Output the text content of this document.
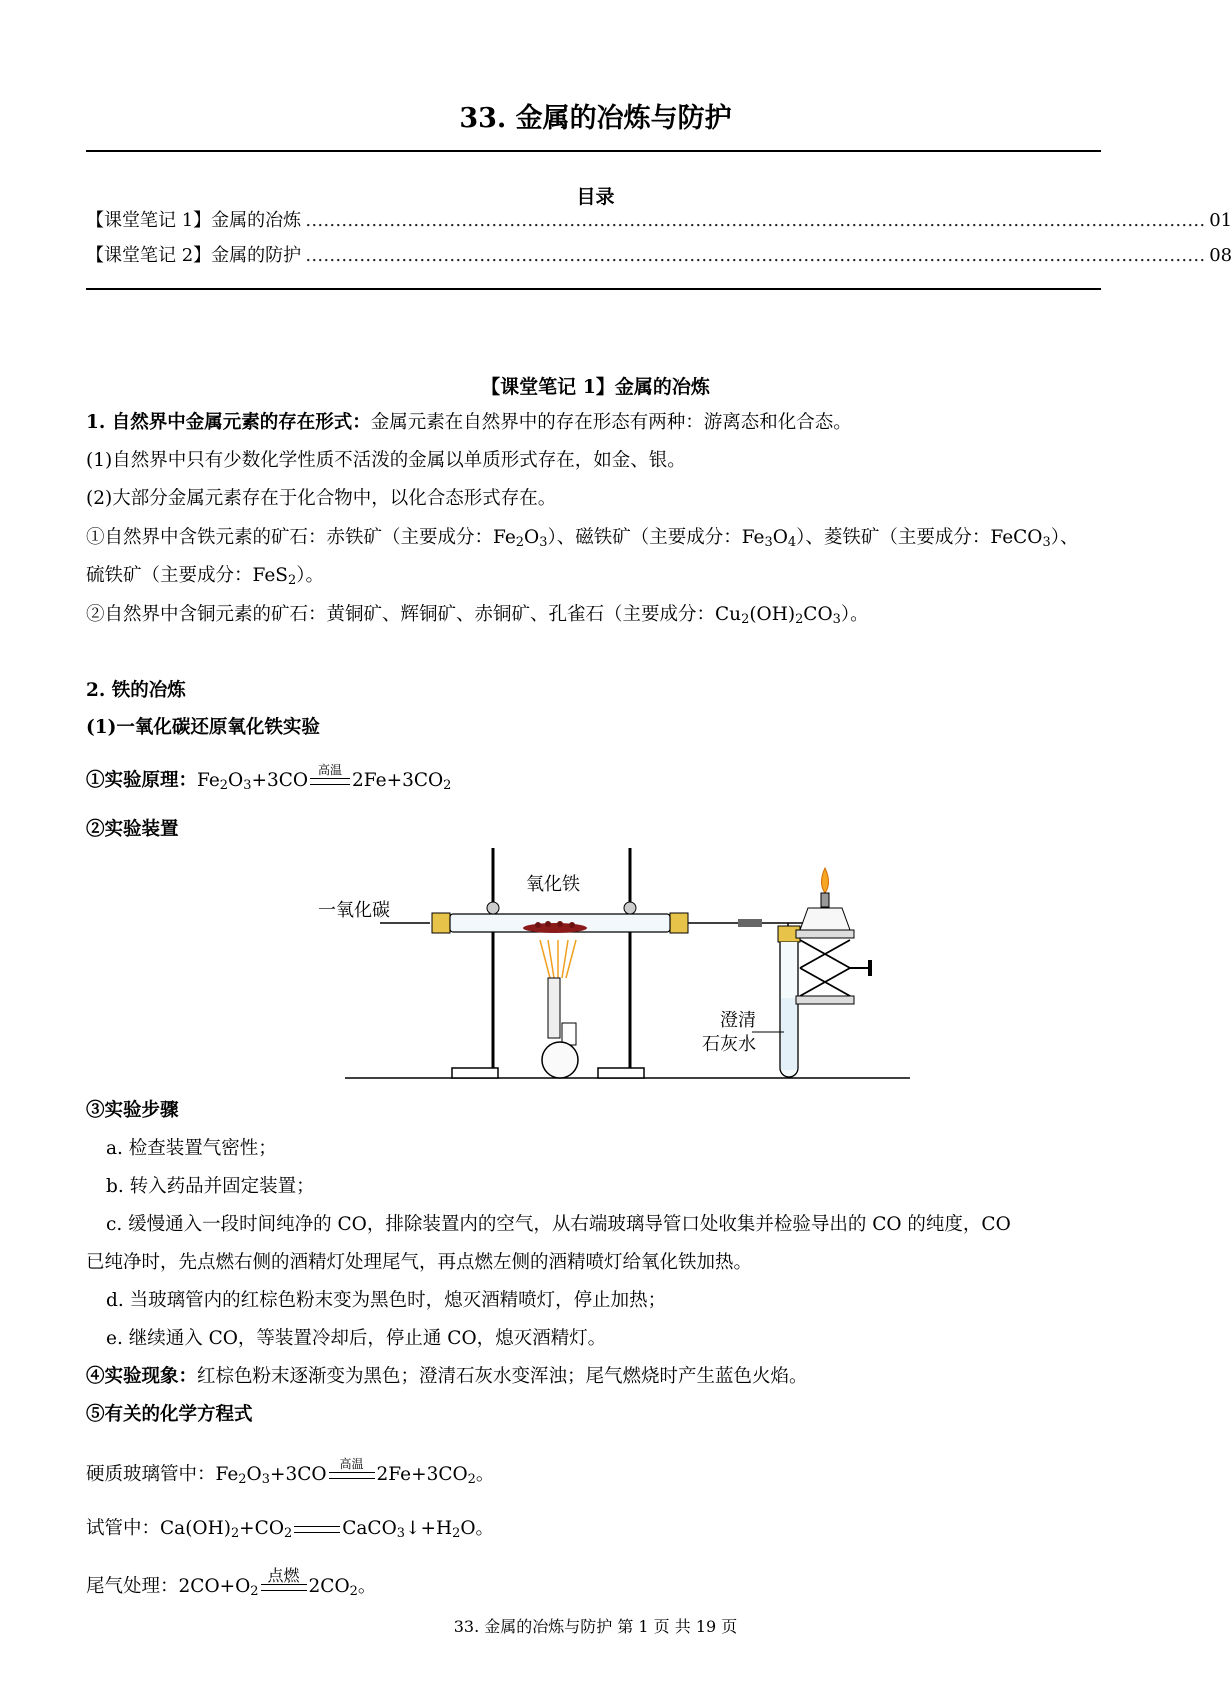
33. 金属的冶炼与防护
目录
【课堂笔记 1】金属的冶炼 …………………………………………………………………………………………………………………………………… 01
【课堂笔记 2】金属的防护 …………………………………………………………………………………………………………………………………… 08
【课堂笔记 1】金属的冶炼
1. 自然界中金属元素的存在形式：金属元素在自然界中的存在形态有两种：游离态和化合态。
(1)自然界中只有少数化学性质不活泼的金属以单质形式存在，如金、银。
(2)大部分金属元素存在于化合物中，以化合态形式存在。
①自然界中含铁元素的矿石：赤铁矿（主要成分：$Fe_2O_3$）、磁铁矿（主要成分：$Fe_3O_4$）、菱铁矿（主要成分：FeCO$_3$）、
硫铁矿（主要成分：FeS$_2$）。
②自然界中含铜元素的矿石：黄铜矿、辉铜矿、赤铜矿、孔雀石（主要成分：$Cu_2(OH)_2CO_3$）。
2. 铁的冶炼
(1)一氧化碳还原氧化铁实验
①实验原理：$Fe_2O_3+3CO$
高温
$2Fe+3CO_2$
②实验装置
一氧化碳
氧化铁
澄清
石灰水
③实验步骤
a. 检查装置气密性；
b. 转入药品并固定装置；
c. 缓慢通入一段时间纯净的 CO，排除装置内的空气，从右端玻璃导管口处收集并检验导出的 CO 的纯度，CO
已纯净时，先点燃右侧的酒精灯处理尾气，再点燃左侧的酒精喷灯给氧化铁加热。
d. 当玻璃管内的红棕色粉末变为黑色时，熄灭酒精喷灯，停止加热；
e. 继续通入 CO，等装置冷却后，停止通 CO，熄灭酒精灯。
④实验现象：红棕色粉末逐渐变为黑色；澄清石灰水变浑浊；尾气燃烧时产生蓝色火焰。
⑤有关的化学方程式
硬质玻璃管中：$Fe_2O_3+3CO$
高温
$2Fe+3CO_2$。
试管中：$Ca(OH)_2+CO_2$	$CaCO_3↓+H_2O$。
尾气处理：$2CO+O_2$
点燃
$2CO_2$。
33. 金属的冶炼与防护 第 1 页 共 19 页
